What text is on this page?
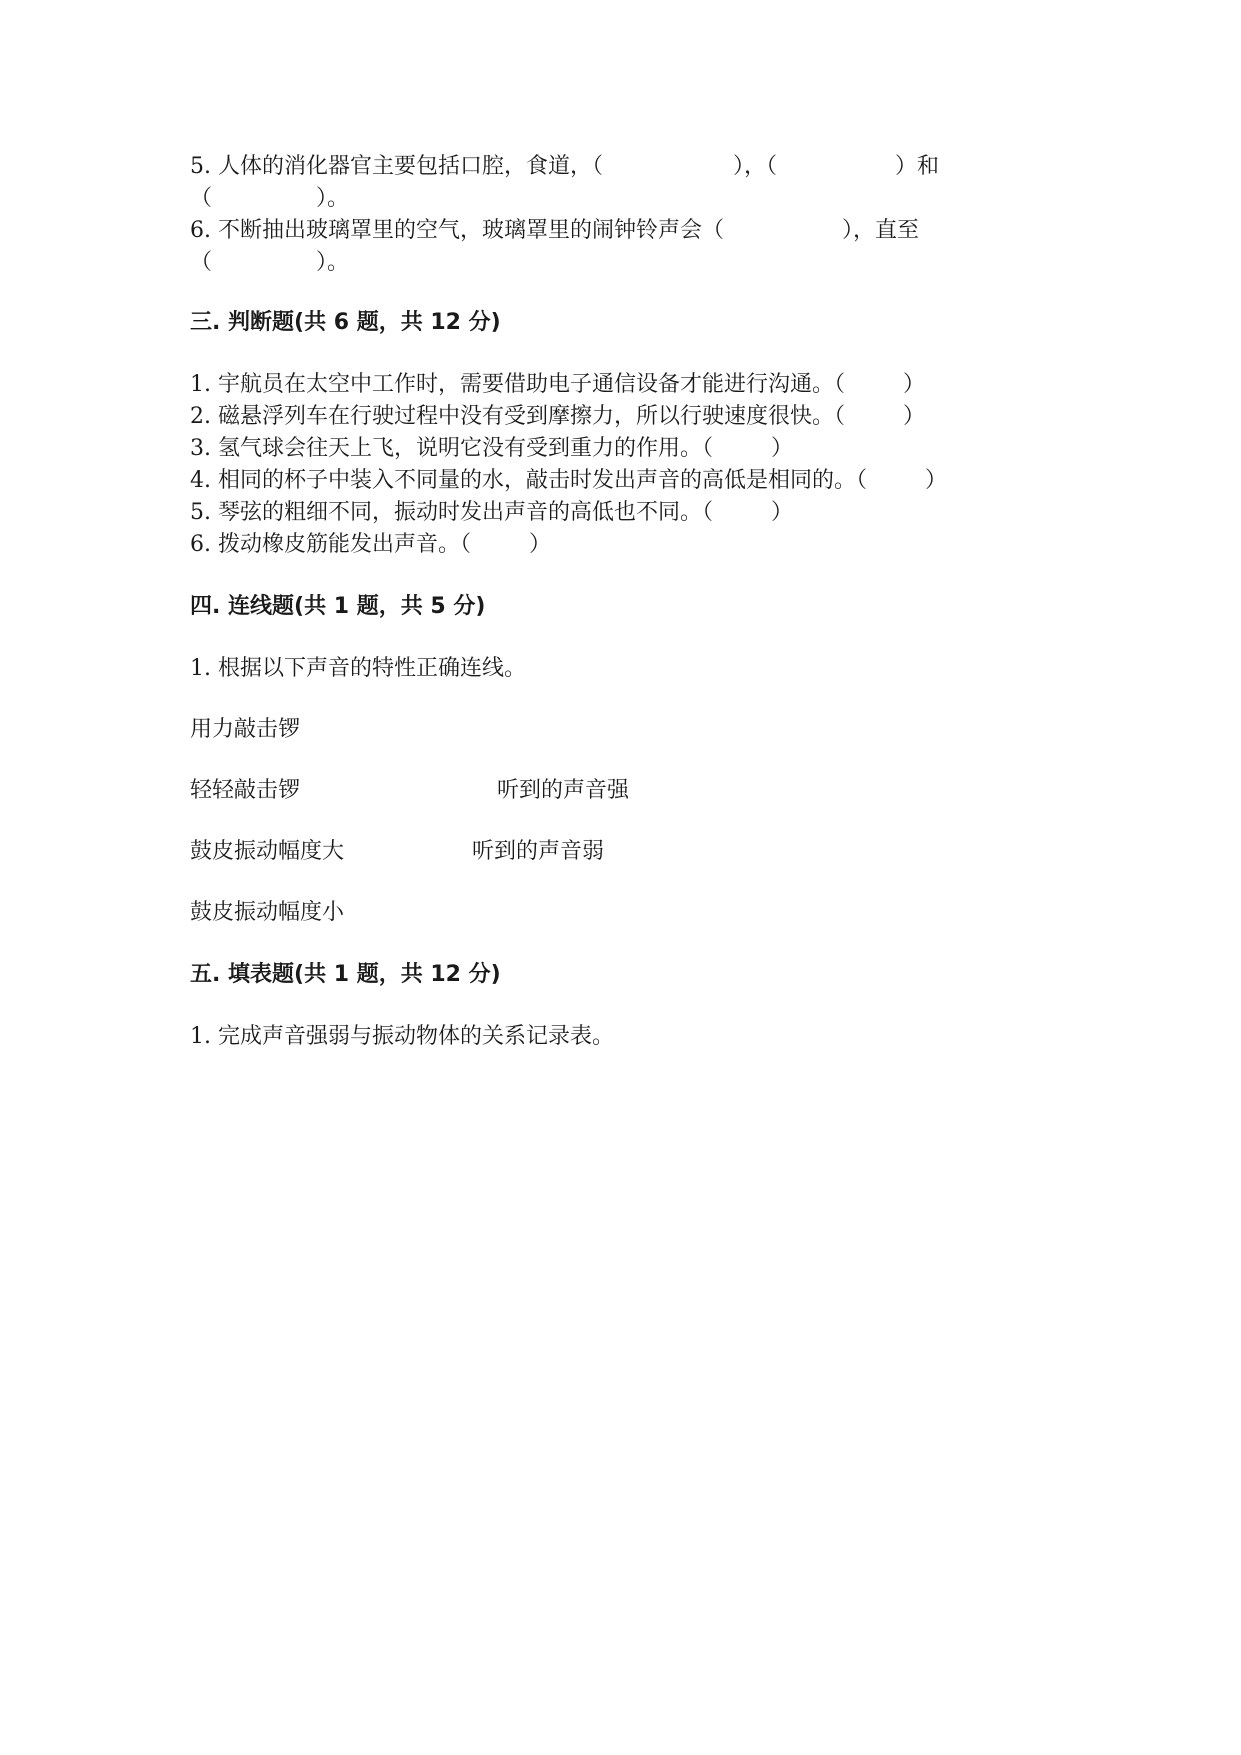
5. 人体的消化器官主要包括口腔，食道，（	），（	）和
（	）。
6. 不断抽出玻璃罩里的空气，玻璃罩里的闹钟铃声会（	），直至
（	）。
三. 判断题(共 6 题，共 12 分)
1. 宇航员在太空中工作时，需要借助电子通信设备才能进行沟通。（	）
2. 磁悬浮列车在行驶过程中没有受到摩擦力，所以行驶速度很快。（	）
3. 氢气球会往天上飞，说明它没有受到重力的作用。（	）
4. 相同的杯子中装入不同量的水，敲击时发出声音的高低是相同的。（	）
5. 琴弦的粗细不同，振动时发出声音的高低也不同。（	）
6. 拨动橡皮筋能发出声音。（	）
四. 连线题(共 1 题，共 5 分)
1. 根据以下声音的特性正确连线。
用力敲击锣
轻轻敲击锣	听到的声音强
鼓皮振动幅度大	听到的声音弱
鼓皮振动幅度小
五. 填表题(共 1 题，共 12 分)
1. 完成声音强弱与振动物体的关系记录表。
